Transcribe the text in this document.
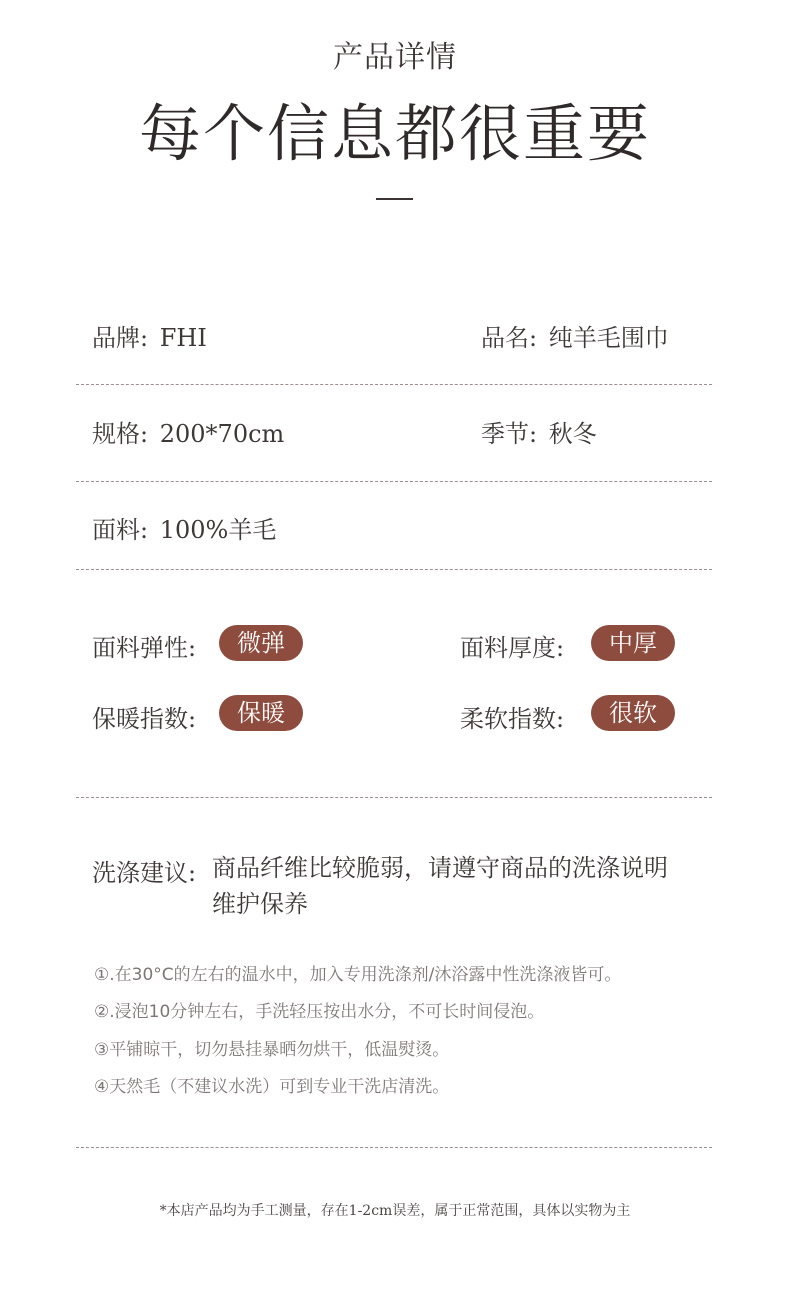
产品详情
每个信息都很重要
品牌: FHI	品名: 纯羊毛围巾
规格: 200*70cm	季节: 秋冬
面料: 100%羊毛
面料弹性:	微弹	面料厚度:	中厚
保暖指数:	保暖	柔软指数:	很软
洗涤建议: 商品纤维比较脆弱，请遵守商品的洗涤说明维护保养
①.在30°C的左右的温水中，加入专用洗涤剂/沐浴露中性洗涤液皆可。
②.浸泡10分钟左右，手洗轻压按出水分，不可长时间侵泡。
③平铺晾干，切勿悬挂暴晒勿烘干，低温熨烫。
④天然毛（不建议水洗）可到专业干洗店清洗。
*本店产品均为手工测量，存在1-2cm误差，属于正常范围，具体以实物为主
